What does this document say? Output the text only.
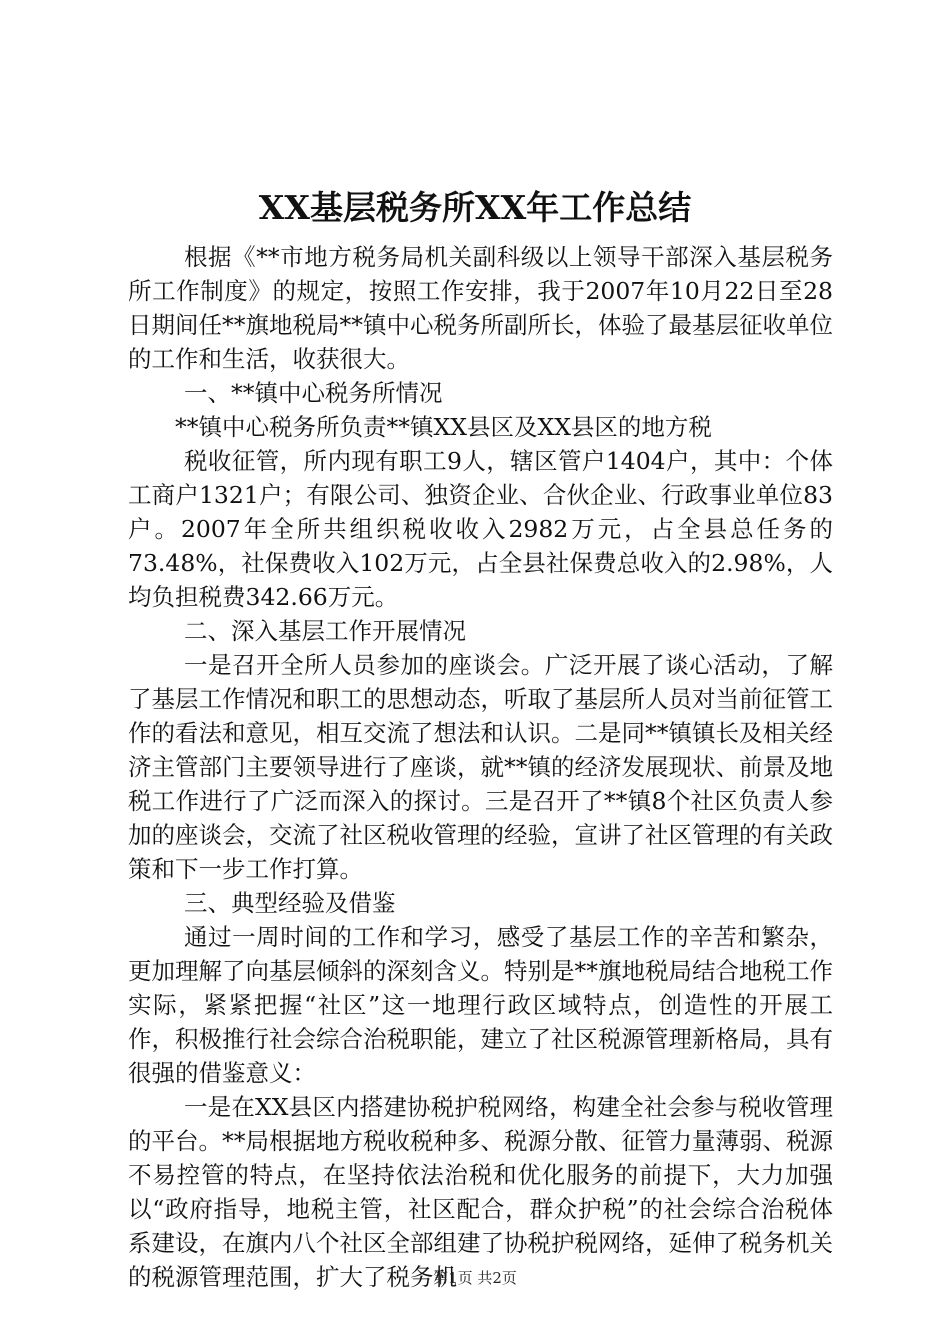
XX基层税务所XX年工作总结

根据《**市地方税务局机关副科级以上领导干部深入基层税务所工作制度》的规定，按照工作安排，我于2007年10月22日至28日期间任**旗地税局**镇中心税务所副所长，体验了最基层征收单位的工作和生活，收获很大。

一、**镇中心税务所情况

**镇中心税务所负责**镇XX县区及XX县区的地方税

税收征管，所内现有职工9人，辖区管户1404户，其中：个体工商户1321户；有限公司、独资企业、合伙企业、行政事业单位83户。2007年全所共组织税收收入2982万元，占全县总任务的73.48%，社保费收入102万元，占全县社保费总收入的2.98%，人均负担税费342.66万元。

二、深入基层工作开展情况

一是召开全所人员参加的座谈会。广泛开展了谈心活动，了解了基层工作情况和职工的思想动态，听取了基层所人员对当前征管工作的看法和意见，相互交流了想法和认识。二是同**镇镇长及相关经济主管部门主要领导进行了座谈，就**镇的经济发展现状、前景及地税工作进行了广泛而深入的探讨。三是召开了**镇8个社区负责人参加的座谈会，交流了社区税收管理的经验，宣讲了社区管理的有关政策和下一步工作打算。

三、典型经验及借鉴

通过一周时间的工作和学习，感受了基层工作的辛苦和繁杂，更加理解了向基层倾斜的深刻含义。特别是**旗地税局结合地税工作实际，紧紧把握“社区”这一地理行政区域特点，创造性的开展工作，积极推行社会综合治税职能，建立了社区税源管理新格局，具有很强的借鉴意义：

一是在XX县区内搭建协税护税网络，构建全社会参与税收管理的平台。**局根据地方税收税种多、税源分散、征管力量薄弱、税源不易控管的特点，在坚持依法治税和优化服务的前提下，大力加强以“政府指导，地税主管，社区配合，群众护税”的社会综合治税体系建设，在旗内八个社区全部组建了协税护税网络，延伸了税务机关的税源管理范围，扩大了税务机

第1页 共2页
